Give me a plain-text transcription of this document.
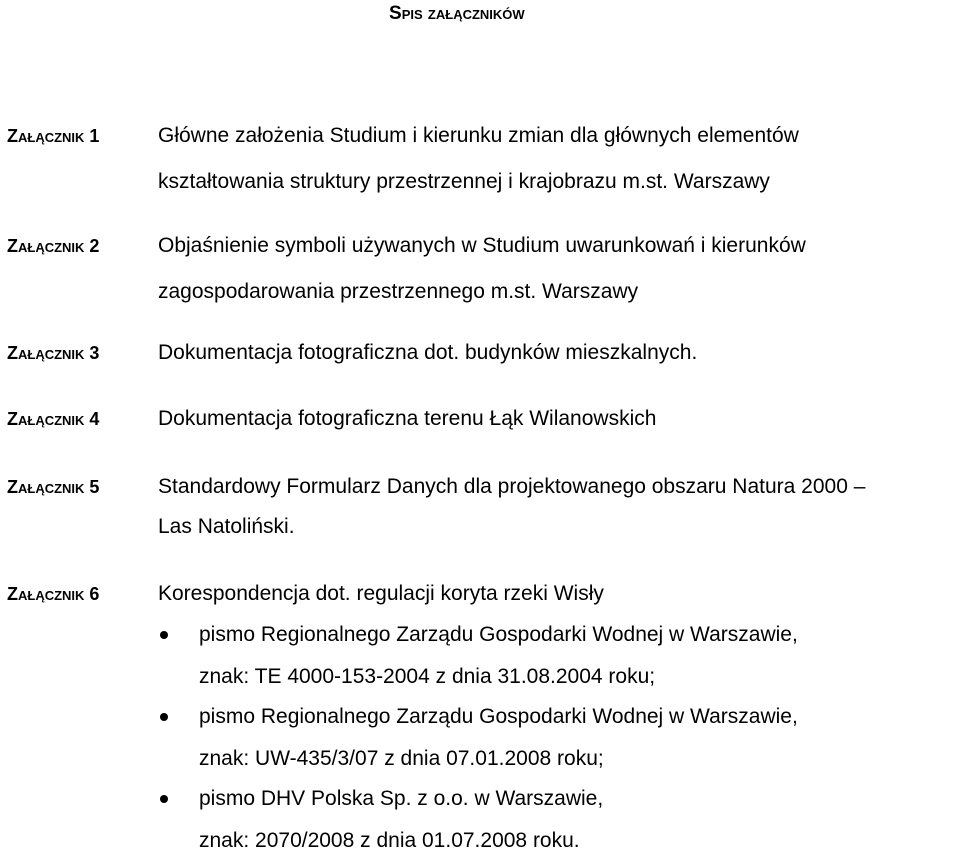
Spis załączników
Załącznik 1	Główne założenia Studium i kierunku zmian dla głównych elementów
kształtowania struktury przestrzennej i krajobrazu m.st. Warszawy
Załącznik 2	Objaśnienie symboli używanych w Studium uwarunkowań i kierunków
zagospodarowania przestrzennego m.st. Warszawy
Załącznik 3	Dokumentacja fotograficzna dot. budynków mieszkalnych.
Załącznik 4	Dokumentacja fotograficzna terenu Łąk Wilanowskich
Załącznik 5	Standardowy Formularz Danych dla projektowanego obszaru Natura 2000 –
Las Natoliński.
Załącznik 6	Korespondencja dot. regulacji koryta rzeki Wisły
pismo Regionalnego Zarządu Gospodarki Wodnej w Warszawie,
znak: TE 4000-153-2004 z dnia 31.08.2004 roku;
pismo Regionalnego Zarządu Gospodarki Wodnej w Warszawie,
znak: UW-435/3/07 z dnia 07.01.2008 roku;
pismo DHV Polska Sp. z o.o. w Warszawie,
znak: 2070/2008 z dnia 01.07.2008 roku.
